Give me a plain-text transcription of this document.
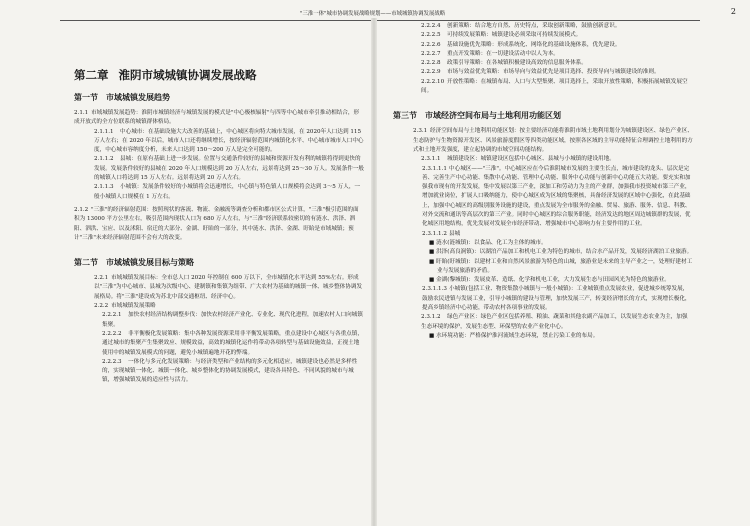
"三淮一体"城市协调发展战略规划——市域城镇协调发展战略	2
第二章 淮阴市域城镇协调发展战略
第一节 市域城镇发展趋势

2.1.1 市域城镇发展趋势：淮阴市城镇经济与城镇发展的模式是"中心极核辐射"与四等中心城市牵引推动相结合，形成开放式的全方位联系的城镇群体格局。

2.1.1.1 中心城市：在基础设施大大改善的基础上，中心城区将向特大城市发展，在 2020年人口达到 115 万人左右；在 2020 年以后，城市人口还将继续增长，按经济辐射范围内城镇化水平、中心城市城市人口中心度，中心城市容纳度分析，未来人口达到 150～200 万人是完全可能的。

2.1.1.2 县城：在原有基础上进一步发展。位置与交通条件较好的县城和资源开发有利的城镇将得到更快的发展。发展条件较好的县城在 2020 年人口规模达到 20 万人左右，远景将达到 25～30 万人。发展条件一般的城镇人口将达到 15 万人左右。远景将达到 20 万人左右。

2.1.1.3 小城镇：发展条件较好的小城镇将会迅速增长，中心镇与特色镇人口规模将会达到 3～5 万人，一般小城镇人口规模在 1 万左右。

2.1.2 "三淮"的经济辐射范围：按照现状的客流、物流、金融流等调查分析和都市区公式计算，"三淮"极引范围的面积为 13000 平方公里左右，吸引范围内现状人口为 680 万人左右，与"三淮"经济联系较密切的有涟水、洪泽、泗阳、泗洪、宝应、以及沭阳、宿迁的大部分、金湖、盱眙的一部分，其中涟水、洪泽、金湖、盱眙是市域城镇；预计"三淮"未来经济辐射范围不会有大的改变。

第二节 市域城镇发展目标与策略

2.2.1 市域城镇发展目标：全市总人口 2020 年控制在 600 万以下，全市城镇化水平达到 55%左右。形成以"三淮"为中心城市、县城为次级中心、建制镇和集镇为组带、广大农村为基础的城镇一体、城乡整体协调发展格局。将"三淮"建设成为苏北中部交通枢纽、经济中心。

2.2.2 市域城镇发展策略

2.2.2.1 加快农村经济结构调整步伐：加快农村经济产业化、专业化、现代化进程，加速农村人口向城镇集聚。

2.2.2.2 非平衡极化发展策略：集中各种发展资源采用非平衡发展策略，重点建设中心城区与各重点镇，通过城市的集聚产生集聚效应、规模效益，高效的城镇化运作将带动各项转型与基础设施效益，正视土地使用中的城镇发展模式的问题，避免小城镇遍地开花的弊端。

2.2.2.3 一体化与多元化发展策略：与经济类型和产业结构的多元化相适应，城镇建设也必然是多样性的，实现城镇一体化、城镇一体化、城乡整体化的协调发展模式，建设各具特色、不同风貌的城市与城镇，增强城镇发展的适应性与活力。

2.2.2.4 创新策略：结合地方自然、历史特点，采取创新策略，鼓励创新意识。

2.2.2.5 可持续发展策略：城镇建设必须采取可持续发展模式。

2.2.2.6 基础设施优先策略：形成系统化、网络化的基础设施体系，优先建设。

2.2.2.7 重点开发策略：在一切建设活动中以人为本。

2.2.2.8 政策引导策略：在各城镇积极建设高效的信息服务体系。

2.2.2.9 市场与效益优先策略：市场导向与效益优先是项目选择、投资导向与城镇建设的准则。

2.2.2.10 开放性策略：在城镇布局、人口与大型集聚、项目选择上，采取开放性策略，积极拓展城镇发展空间。

第三节 市域经济空间布局与土地利用功能区划

2.3.1 经济空间布局与土地利用功能区划：按主要经济功能将淮阴市域土地利用划分为城镇建设区、绿色产业区、生态防护与生物资源开发区、风景旅游度假区等四类功能区域，按照各区域的主导功能特征合理调控土地利用的方式和土地开发强度，建立起协调的市域空间功能结构。

2.3.1.1 城镇建设区：城镇建设区包括中心城区、县城与小城镇的建设用地。

2.3.1.1.1 中心城区——"三淮"。中心城区应在今后淮阴城市发展的主要生长点，城市建设的龙头、层次是完善、完善生产中心功能、集散中心功能、管理中心功能、服务中心功能与创新中心功能五大功能。要充实和加强我市现有的开发发展，集中发展以第三产业，深加工和劳动力为主的产业群，加强我市投资城市第三产业，增加就业岗位，扩展人口吸纳能力，使中心城区成为区域的集聚核，具备经济发展的区域中心强化，在此基础上，加强中心城区的高级别服务设施的建设，重点发展为全市服务的金融、贸易、旅游、服务、信息、科教、对外交流和通讯等高层次的第三产业。同时中心城区的综合服务职能，经济发达的地区周边城镇群的发展，优化城区用地结构，优先发展对发展全市经济带动、增强城市中心影响力有主要作用的工业。

2.3.1.1.2 县城

■ 涟水(涟城镇)：以食品、化工为主体的城市。

■ 洪泽(高良涧镇)：以湖泊产品加工和机电工业为特色的城市，结合水产品开发，发展经济湖泊工业旅游。

■ 盱眙(盱城镇)：以建材工业和自然风景旅游为特色的山城，旅游业是未来的主导产业之一，处理好建材工业与发展旅游的矛盾。

■ 金湖(黎城镇)：发展皮革、造纸、化学和机电工业，大力发展生态与田园风光为特色的旅游业。

2.3.1.1.3 小城镇(包括工业、物资集散小城镇与一般小城镇)：工业城镇重点发展农业，促进城乡统筹发展，鼓励农民进镇与发展工业，引导小城镇的建设与管理，加快发展三产，转变经济增长的方式，实现增长极化，提高乡镇经济中心功能，带动农村各项事业的发展。

2.3.1.2 绿色产业区：绿色产业区包括养殖、粮油、蔬菜和其他农副产品加工，以发展生态农业为主，加强生态环境的保护，发展生态型、环保型的农业产业化中心。

■ 水环境功能：严格保护淮河流域生态环境，禁止污染工业的布局。
